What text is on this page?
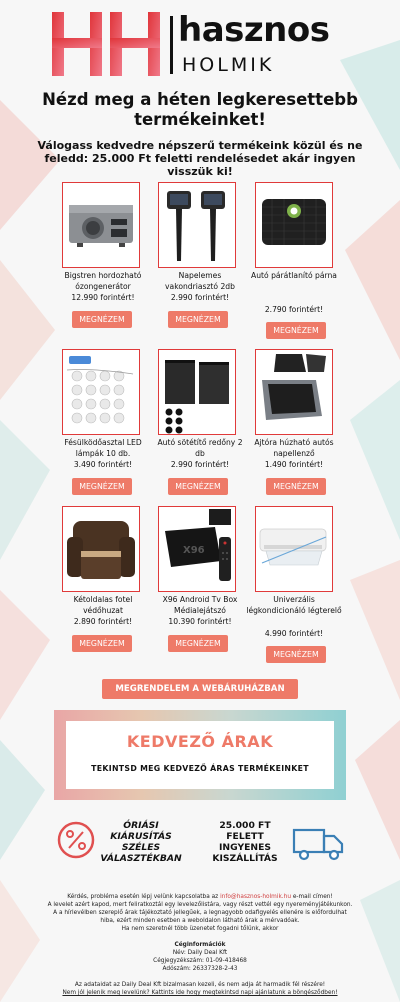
hasznos
HOLMIK
Nézd meg a héten legkeresettebb termékeinket!
Válogass kedvedre népszerű termékeink közül és ne feledd: 25.000 Ft feletti rendelésedet akár ingyen visszük ki!
Bigstren hordozható ózongenerátor
12.990 forintért!
MEGNÉZEM
Napelemes vakondriasztó 2db
2.990 forintért!
MEGNÉZEM
Autó párátlanító párna
2.790 forintért!
MEGNÉZEM
Fésülködőasztal LED lámpák 10 db.
3.490 forintért!
MEGNÉZEM
Autó sötétítő redőny 2 db
2.990 forintért!
MEGNÉZEM
Ajtóra húzható autós napellenző
1.490 forintért!
MEGNÉZEM
X96
Kétoldalas fotel védőhuzat
2.890 forintért!
MEGNÉZEM
X96 Android Tv Box Médialejátszó
10.390 forintért!
MEGNÉZEM
Univerzális légkondicionáló légterelő
4.990 forintért!
MEGNÉZEM
MEGRENDELEM A WEBÁRUHÁZBAN
KEDVEZŐ ÁRAK
TEKINTSD MEG KEDVEZŐ ÁRAS TERMÉKEINKET
ÓRIÁSI
KIÁRUSÍTÁS
SZÉLES
VÁLASZTÉKBAN
25.000 FT
FELETT
INGYENES
KISZÁLLÍTÁS
Kérdés, probléma esetén lépj velünk kapcsolatba az info@hasznos-holmik.hu e-mail címen!
A levelet azért kapod, mert feliratkoztál egy levelezőlistára, vagy részt vettél egy nyereményjátékunkon.
A a hírlevélben szereplő árak tájékoztató jellegűek, a legnagyobb odafigyelés ellenére is előfordulhat
hiba, ezért minden esetben a weboldalon látható árak a mérvadóak.
Ha nem szeretnél több üzenetet fogadni tőlünk, akkor
Céginformációk
Név: Daily Deal Kft
Cégjegyzékszám: 01-09-418468
Adószám: 26337328-2-43
Az adataidat az Daily Deal Kft bizalmasan kezeli, és nem adja át harmadik fél részére!
Nem jól jelenik meg levelünk? Kattints ide hogy megtekintsd napi ajánlatunk a böngésződben!
